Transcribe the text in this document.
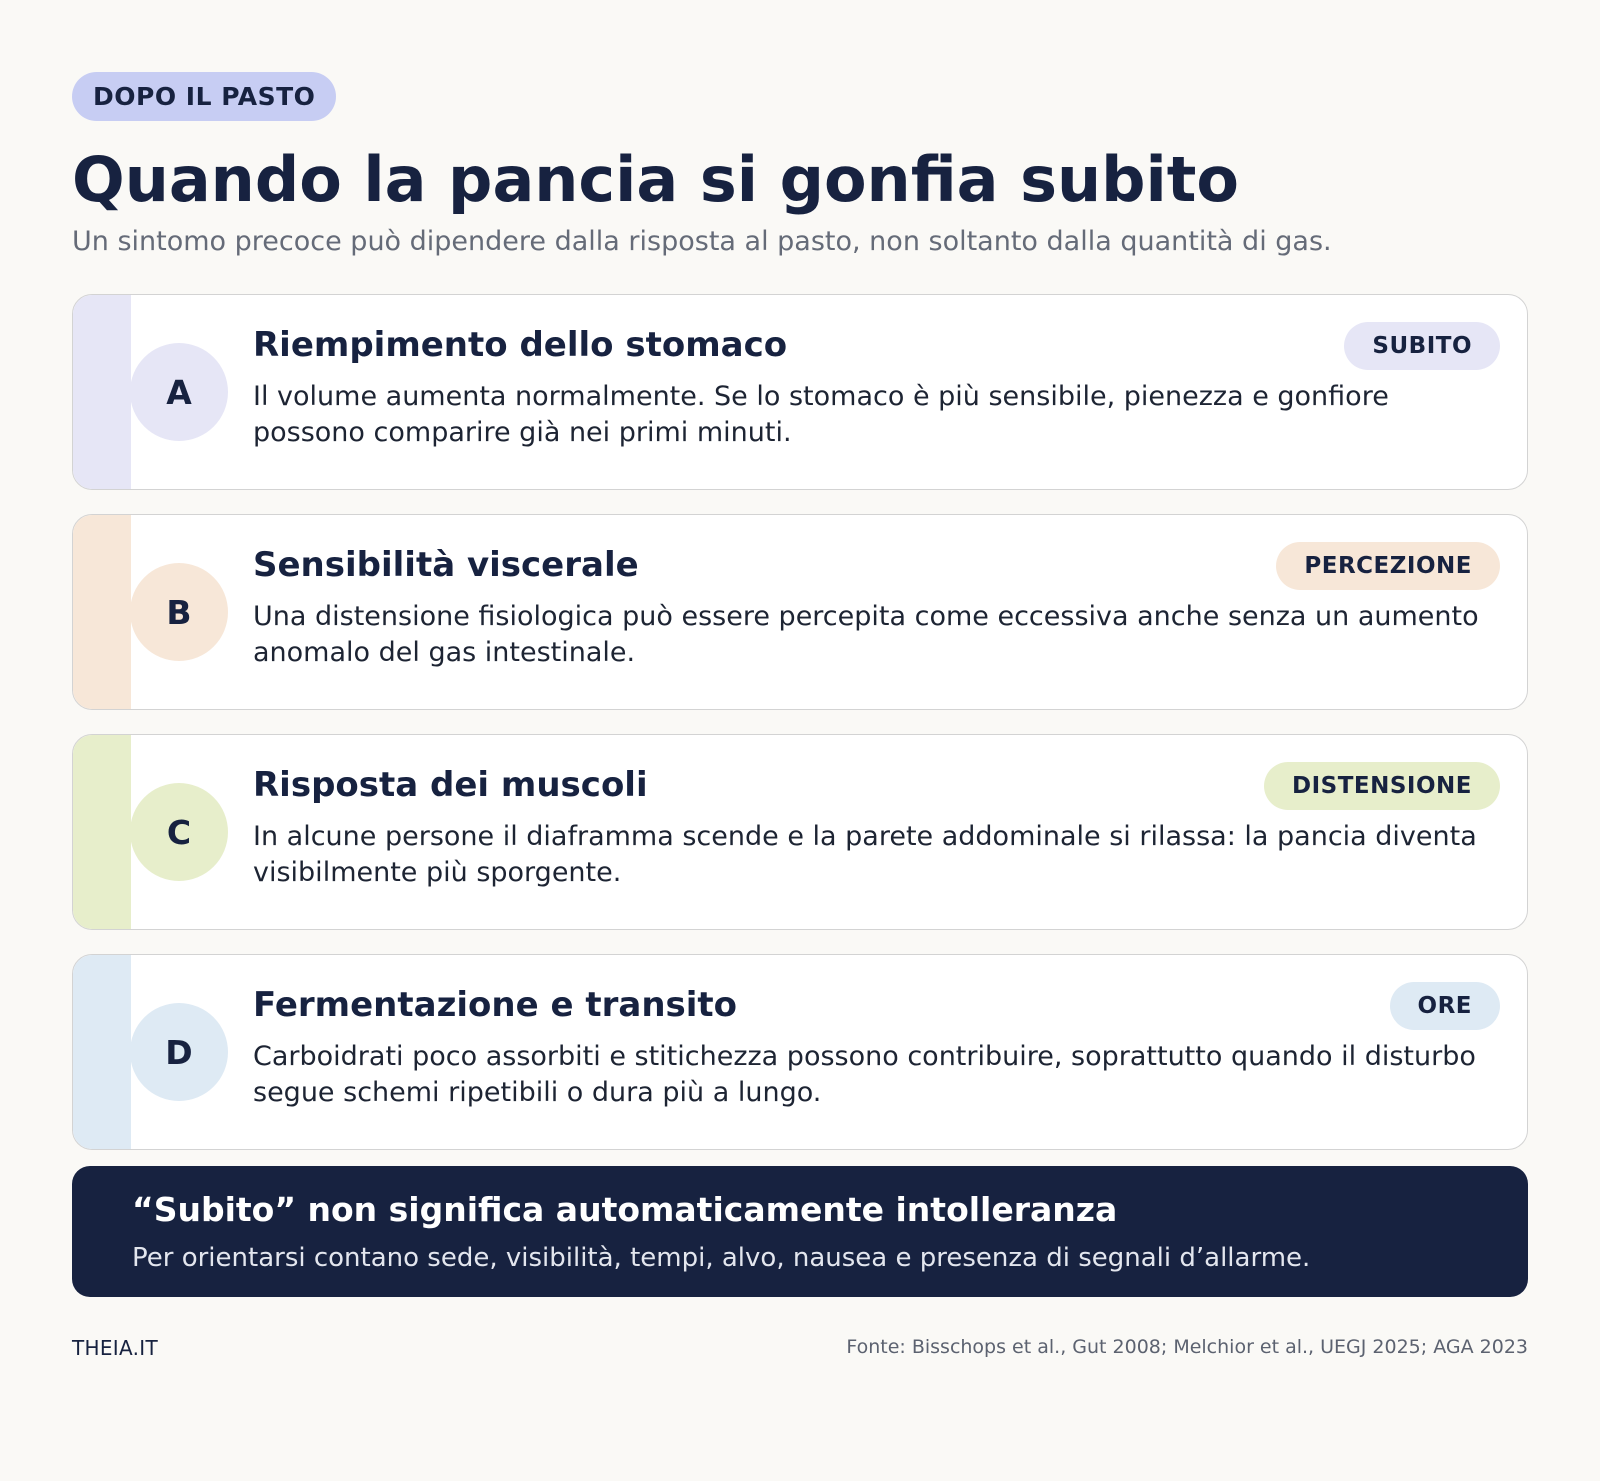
DOPO IL PASTO
Quando la pancia si gonfia subito

Un sintomo precoce può dipendere dalla risposta al pasto, non soltanto dalla quantità di gas.

A
Riempimento dello stomaco	SUBITO
Il volume aumenta normalmente. Se lo stomaco è più sensibile, pienezza e gonfiore possono comparire già nei primi minuti.
B
Sensibilità viscerale	PERCEZIONE
Una distensione fisiologica può essere percepita come eccessiva anche senza un aumento anomalo del gas intestinale.
C
Risposta dei muscoli	DISTENSIONE
In alcune persone il diaframma scende e la parete addominale si rilassa: la pancia diventa visibilmente più sporgente.
D
Fermentazione e transito	ORE
Carboidrati poco assorbiti e stitichezza possono contribuire, soprattutto quando il disturbo segue schemi ripetibili o dura più a lungo.
“Subito” non significa automaticamente intolleranza
Per orientarsi contano sede, visibilità, tempi, alvo, nausea e presenza di segnali d’allarme.
THEIA.IT	Fonte: Bisschops et al., Gut 2008; Melchior et al., UEGJ 2025; AGA 2023
